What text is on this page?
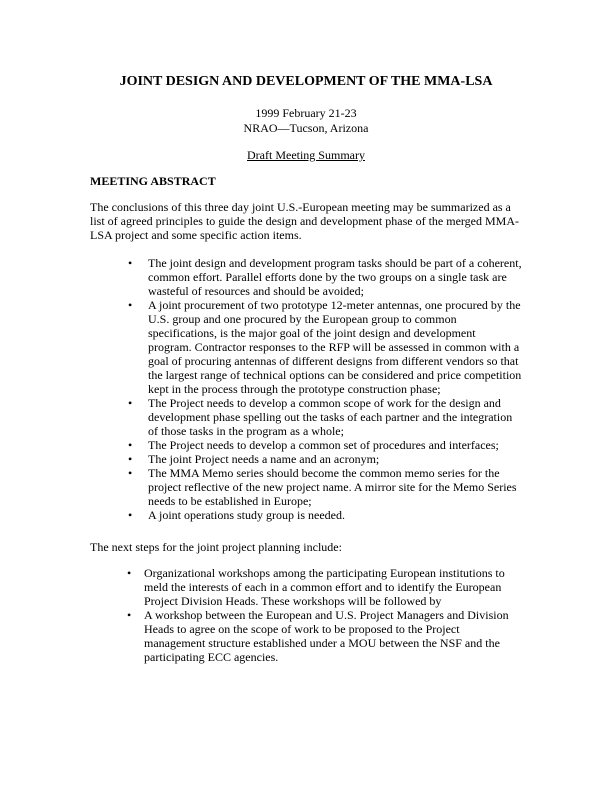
JOINT DESIGN AND DEVELOPMENT OF THE MMA-LSA
1999 February 21-23
NRAO—Tucson, Arizona
Draft Meeting Summary
MEETING ABSTRACT

The conclusions of this three day joint U.S.-European meeting may be summarized as a list of agreed principles to guide the design and development phase of the merged MMA-LSA project and some specific action items.

• The joint design and development program tasks should be part of a coherent, common effort. Parallel efforts done by the two groups on a single task are wasteful of resources and should be avoided;
• A joint procurement of two prototype 12-meter antennas, one procured by the U.S. group and one procured by the European group to common specifications, is the major goal of the joint design and development program. Contractor responses to the RFP will be assessed in common with a goal of procuring antennas of different designs from different vendors so that the largest range of technical options can be considered and price competition kept in the process through the prototype construction phase;
• The Project needs to develop a common scope of work for the design and development phase spelling out the tasks of each partner and the integration of those tasks in the program as a whole;
• The Project needs to develop a common set of procedures and interfaces;
• The joint Project needs a name and an acronym;
• The MMA Memo series should become the common memo series for the project reflective of the new project name. A mirror site for the Memo Series needs to be established in Europe;
• A joint operations study group is needed.

The next steps for the joint project planning include:

• Organizational workshops among the participating European institutions to meld the interests of each in a common effort and to identify the European Project Division Heads. These workshops will be followed by
• A workshop between the European and U.S. Project Managers and Division Heads to agree on the scope of work to be proposed to the Project management structure established under a MOU between the NSF and the participating ECC agencies.
